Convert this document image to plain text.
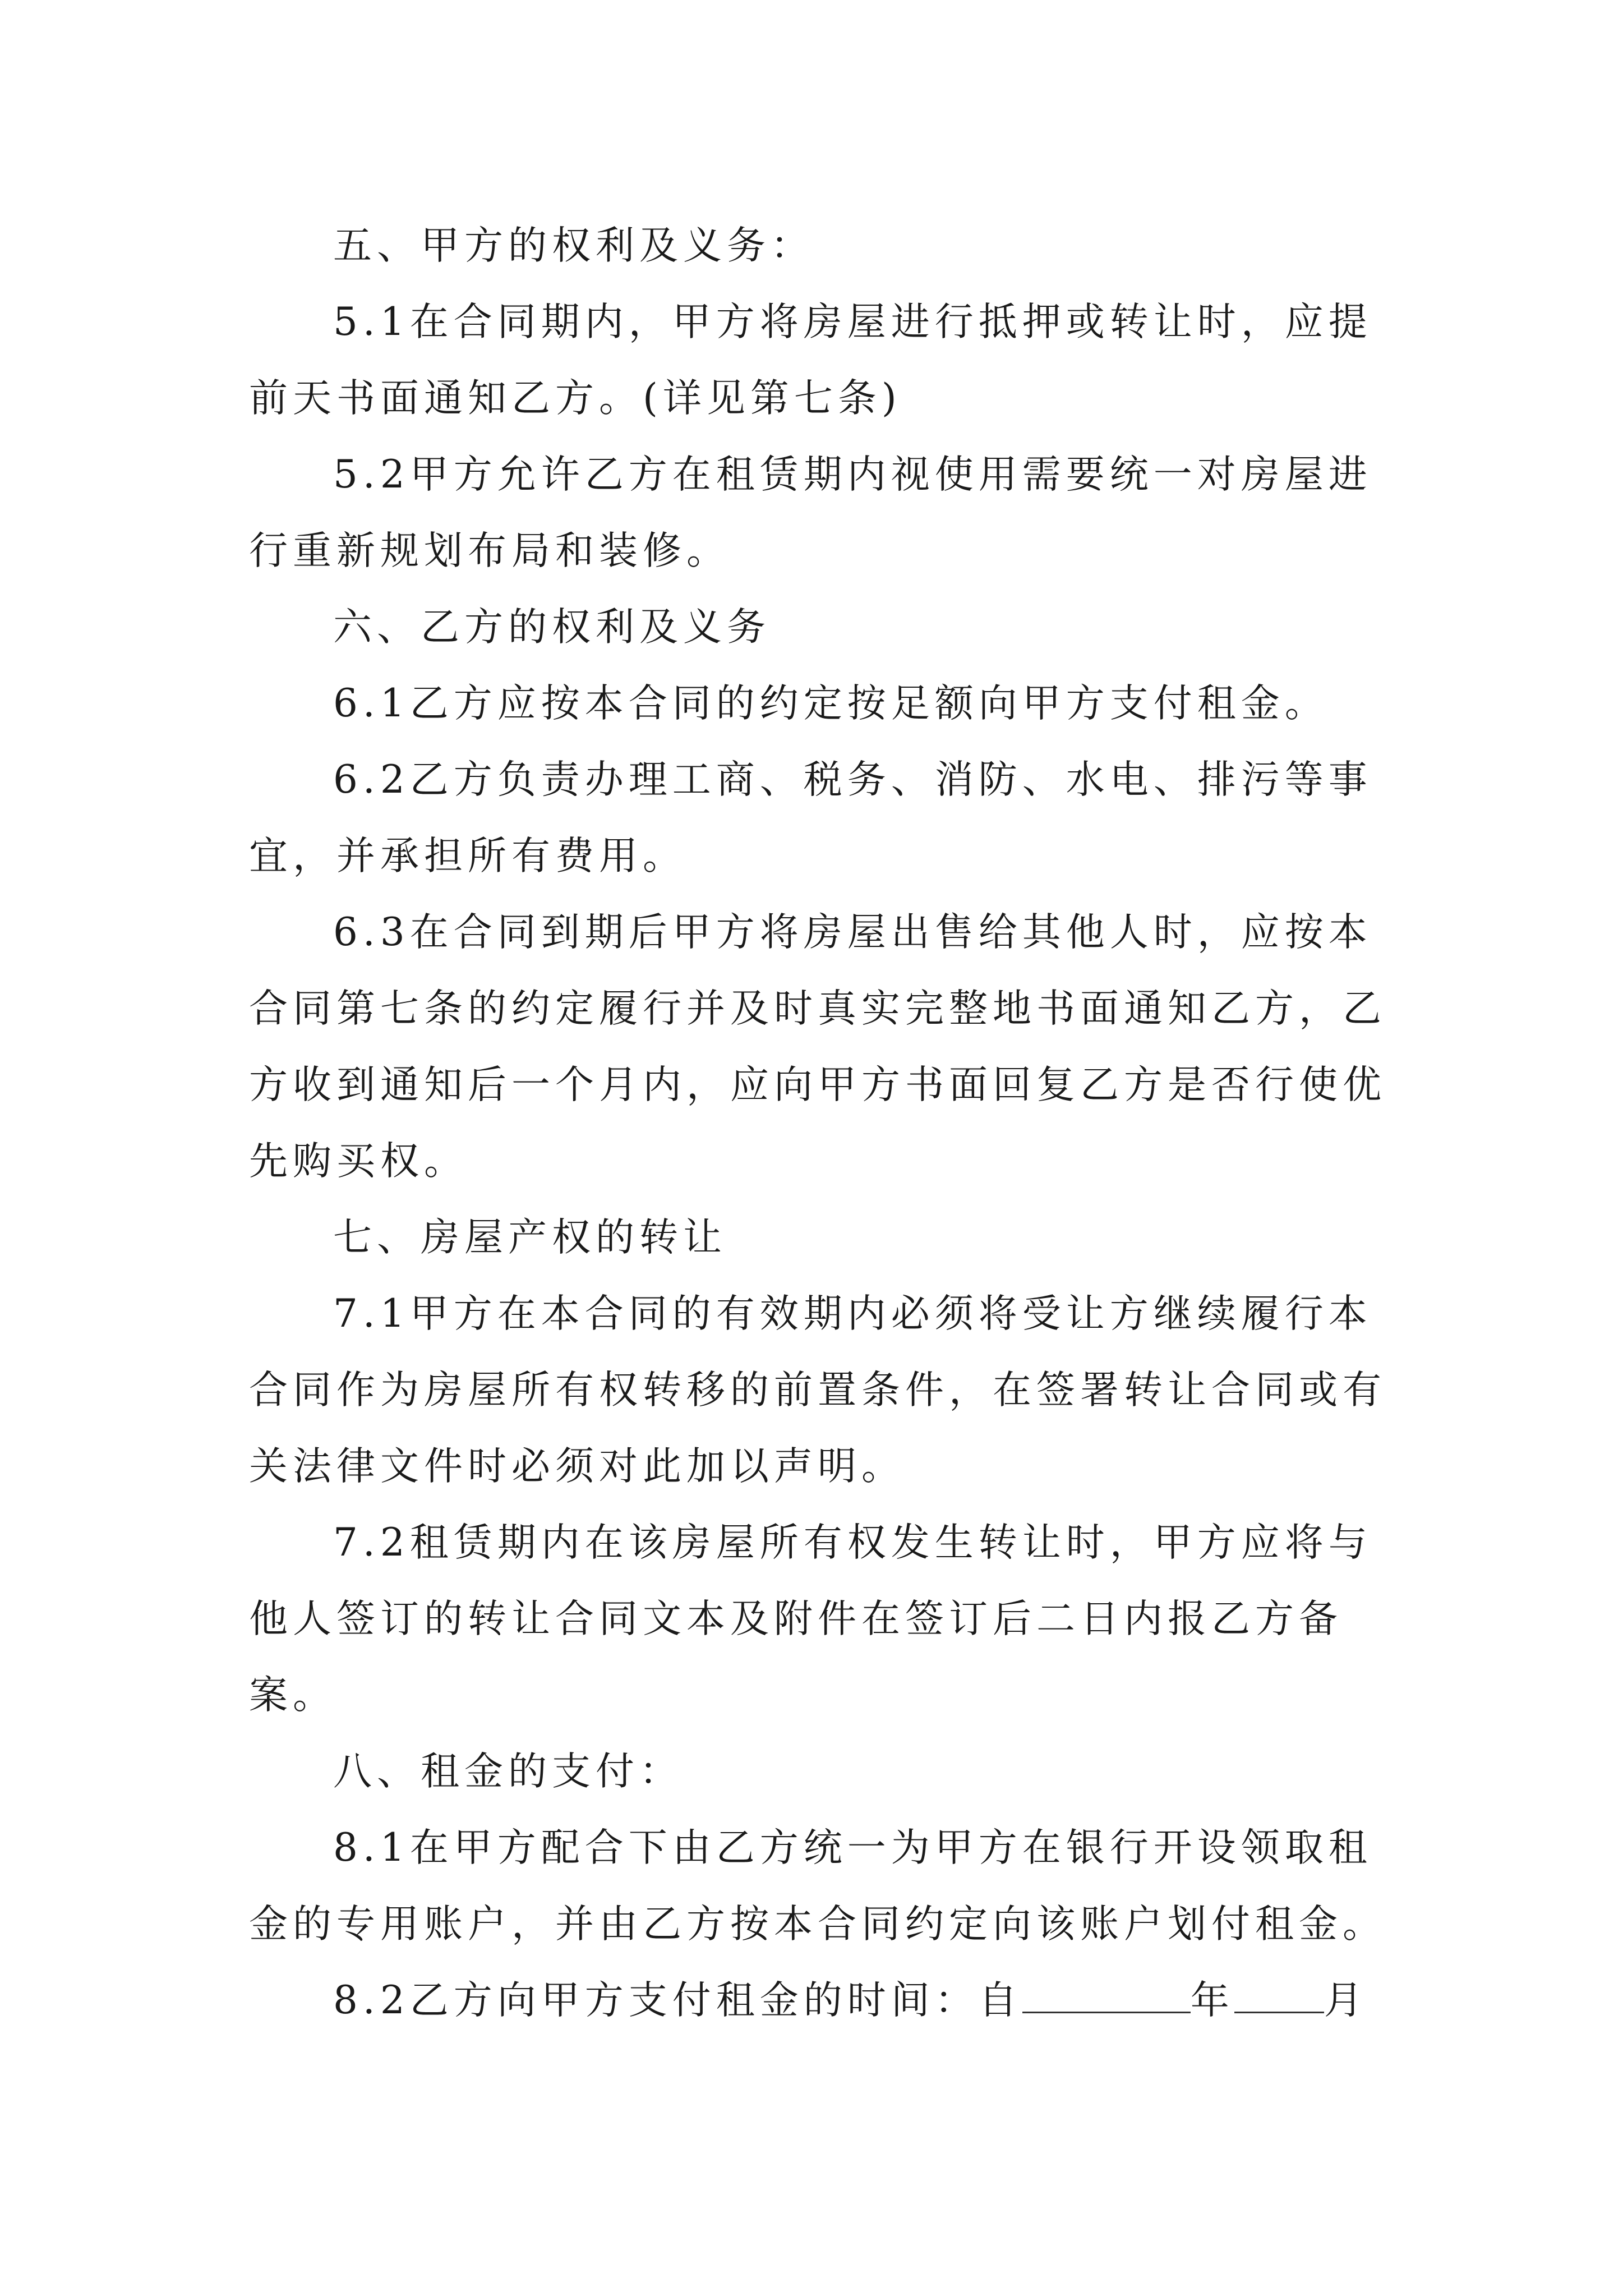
五、甲方的权利及义务：
5.1在合同期内，甲方将房屋进行抵押或转让时，应提
前天书面通知乙方。(详见第七条)
5.2甲方允许乙方在租赁期内视使用需要统一对房屋进
行重新规划布局和装修。
六、乙方的权利及义务
6.1乙方应按本合同的约定按足额向甲方支付租金。
6.2乙方负责办理工商、税务、消防、水电、排污等事
宜，并承担所有费用。
6.3在合同到期后甲方将房屋出售给其他人时，应按本
合同第七条的约定履行并及时真实完整地书面通知乙方，乙
方收到通知后一个月内，应向甲方书面回复乙方是否行使优
先购买权。
七、房屋产权的转让
7.1甲方在本合同的有效期内必须将受让方继续履行本
合同作为房屋所有权转移的前置条件，在签署转让合同或有
关法律文件时必须对此加以声明。
7.2租赁期内在该房屋所有权发生转让时，甲方应将与
他人签订的转让合同文本及附件在签订后二日内报乙方备
案。
八、租金的支付：
8.1在甲方配合下由乙方统一为甲方在银行开设领取租
金的专用账户，并由乙方按本合同约定向该账户划付租金。
8.2乙方向甲方支付租金的时间：自	年 月
